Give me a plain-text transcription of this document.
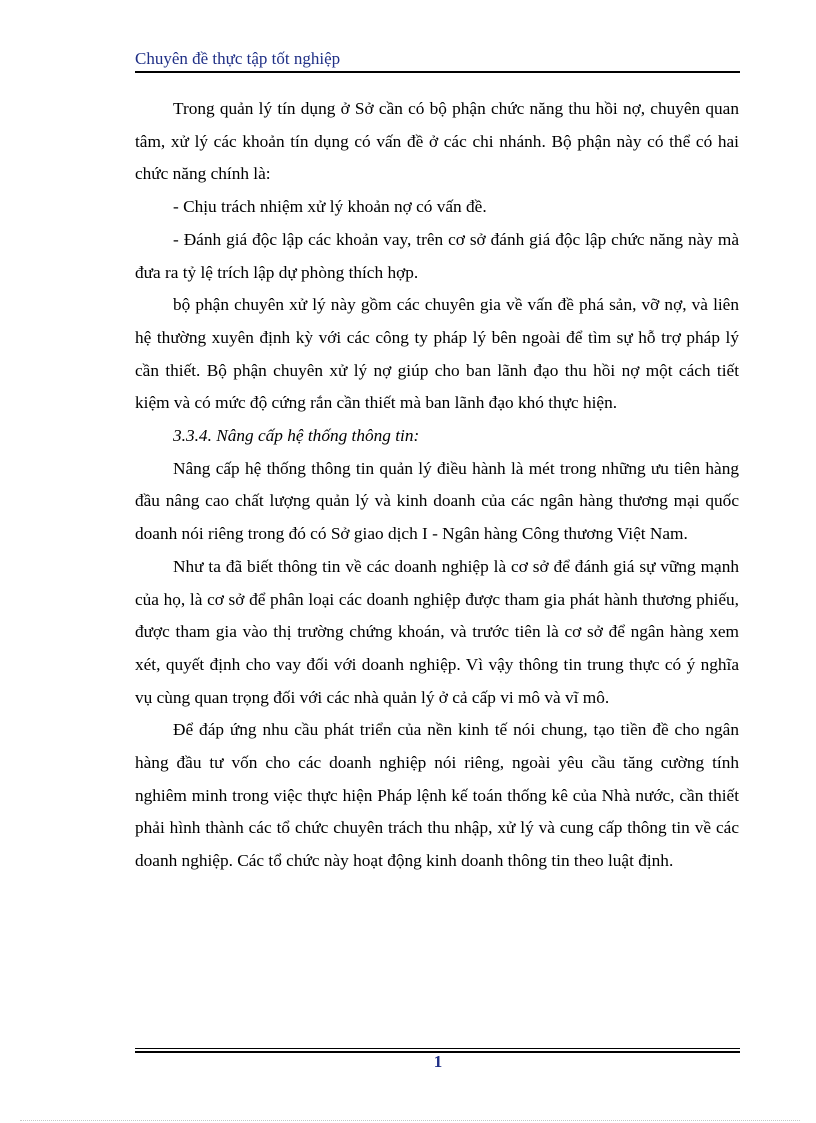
Chuyên đề thực tập tốt nghiệp

Trong quản lý tín dụng ở Sở cần có bộ phận chức năng thu hồi nợ, chuyên quan tâm, xử lý các khoản tín dụng có vấn đề ở các chi nhánh. Bộ phận này có thể có hai chức năng chính là:

- Chịu trách nhiệm xử lý khoản nợ có vấn đề.

- Đánh giá độc lập các khoản vay, trên cơ sở đánh giá độc lập chức năng này mà đưa ra tỷ lệ trích lập dự phòng thích hợp.

bộ phận chuyên xử lý này gồm các chuyên gia về vấn đề phá sản, vỡ nợ, và liên hệ thường xuyên định kỳ với các công ty pháp lý bên ngoài để tìm sự hỗ trợ pháp lý cần thiết. Bộ phận chuyên xử lý nợ giúp cho ban lãnh đạo thu hồi nợ một cách tiết kiệm và có mức độ cứng rắn cần thiết mà ban lãnh đạo khó thực hiện.

3.3.4. Nâng cấp hệ thống thông tin:

Nâng cấp hệ thống thông tin quản lý điều hành là mét trong những ưu tiên hàng đầu nâng cao chất lượng quản lý và kinh doanh của các ngân hàng thương mại quốc doanh nói riêng trong đó có Sở giao dịch I - Ngân hàng Công thương Việt Nam.

Như ta đã biết thông tin về các doanh nghiệp là cơ sở để đánh giá sự vững mạnh của họ, là cơ sở để phân loại các doanh nghiệp được tham gia phát hành thương phiếu, được tham gia vào thị trường chứng khoán, và trước tiên là cơ sở để ngân hàng xem xét, quyết định cho vay đối với doanh nghiệp. Vì vậy thông tin trung thực có ý nghĩa vụ cùng quan trọng đối với các nhà quản lý ở cả cấp vi mô và vĩ mô.

Để đáp ứng nhu cầu phát triển của nền kinh tế nói chung, tạo tiền đề cho ngân hàng đầu tư vốn cho các doanh nghiệp nói riêng, ngoài yêu cầu tăng cường tính nghiêm minh trong việc thực hiện Pháp lệnh kế toán thống kê của Nhà nước, cần thiết phải hình thành các tổ chức chuyên trách thu nhập, xử lý và cung cấp thông tin về các doanh nghiệp. Các tổ chức này hoạt động kinh doanh thông tin theo luật định.

1
